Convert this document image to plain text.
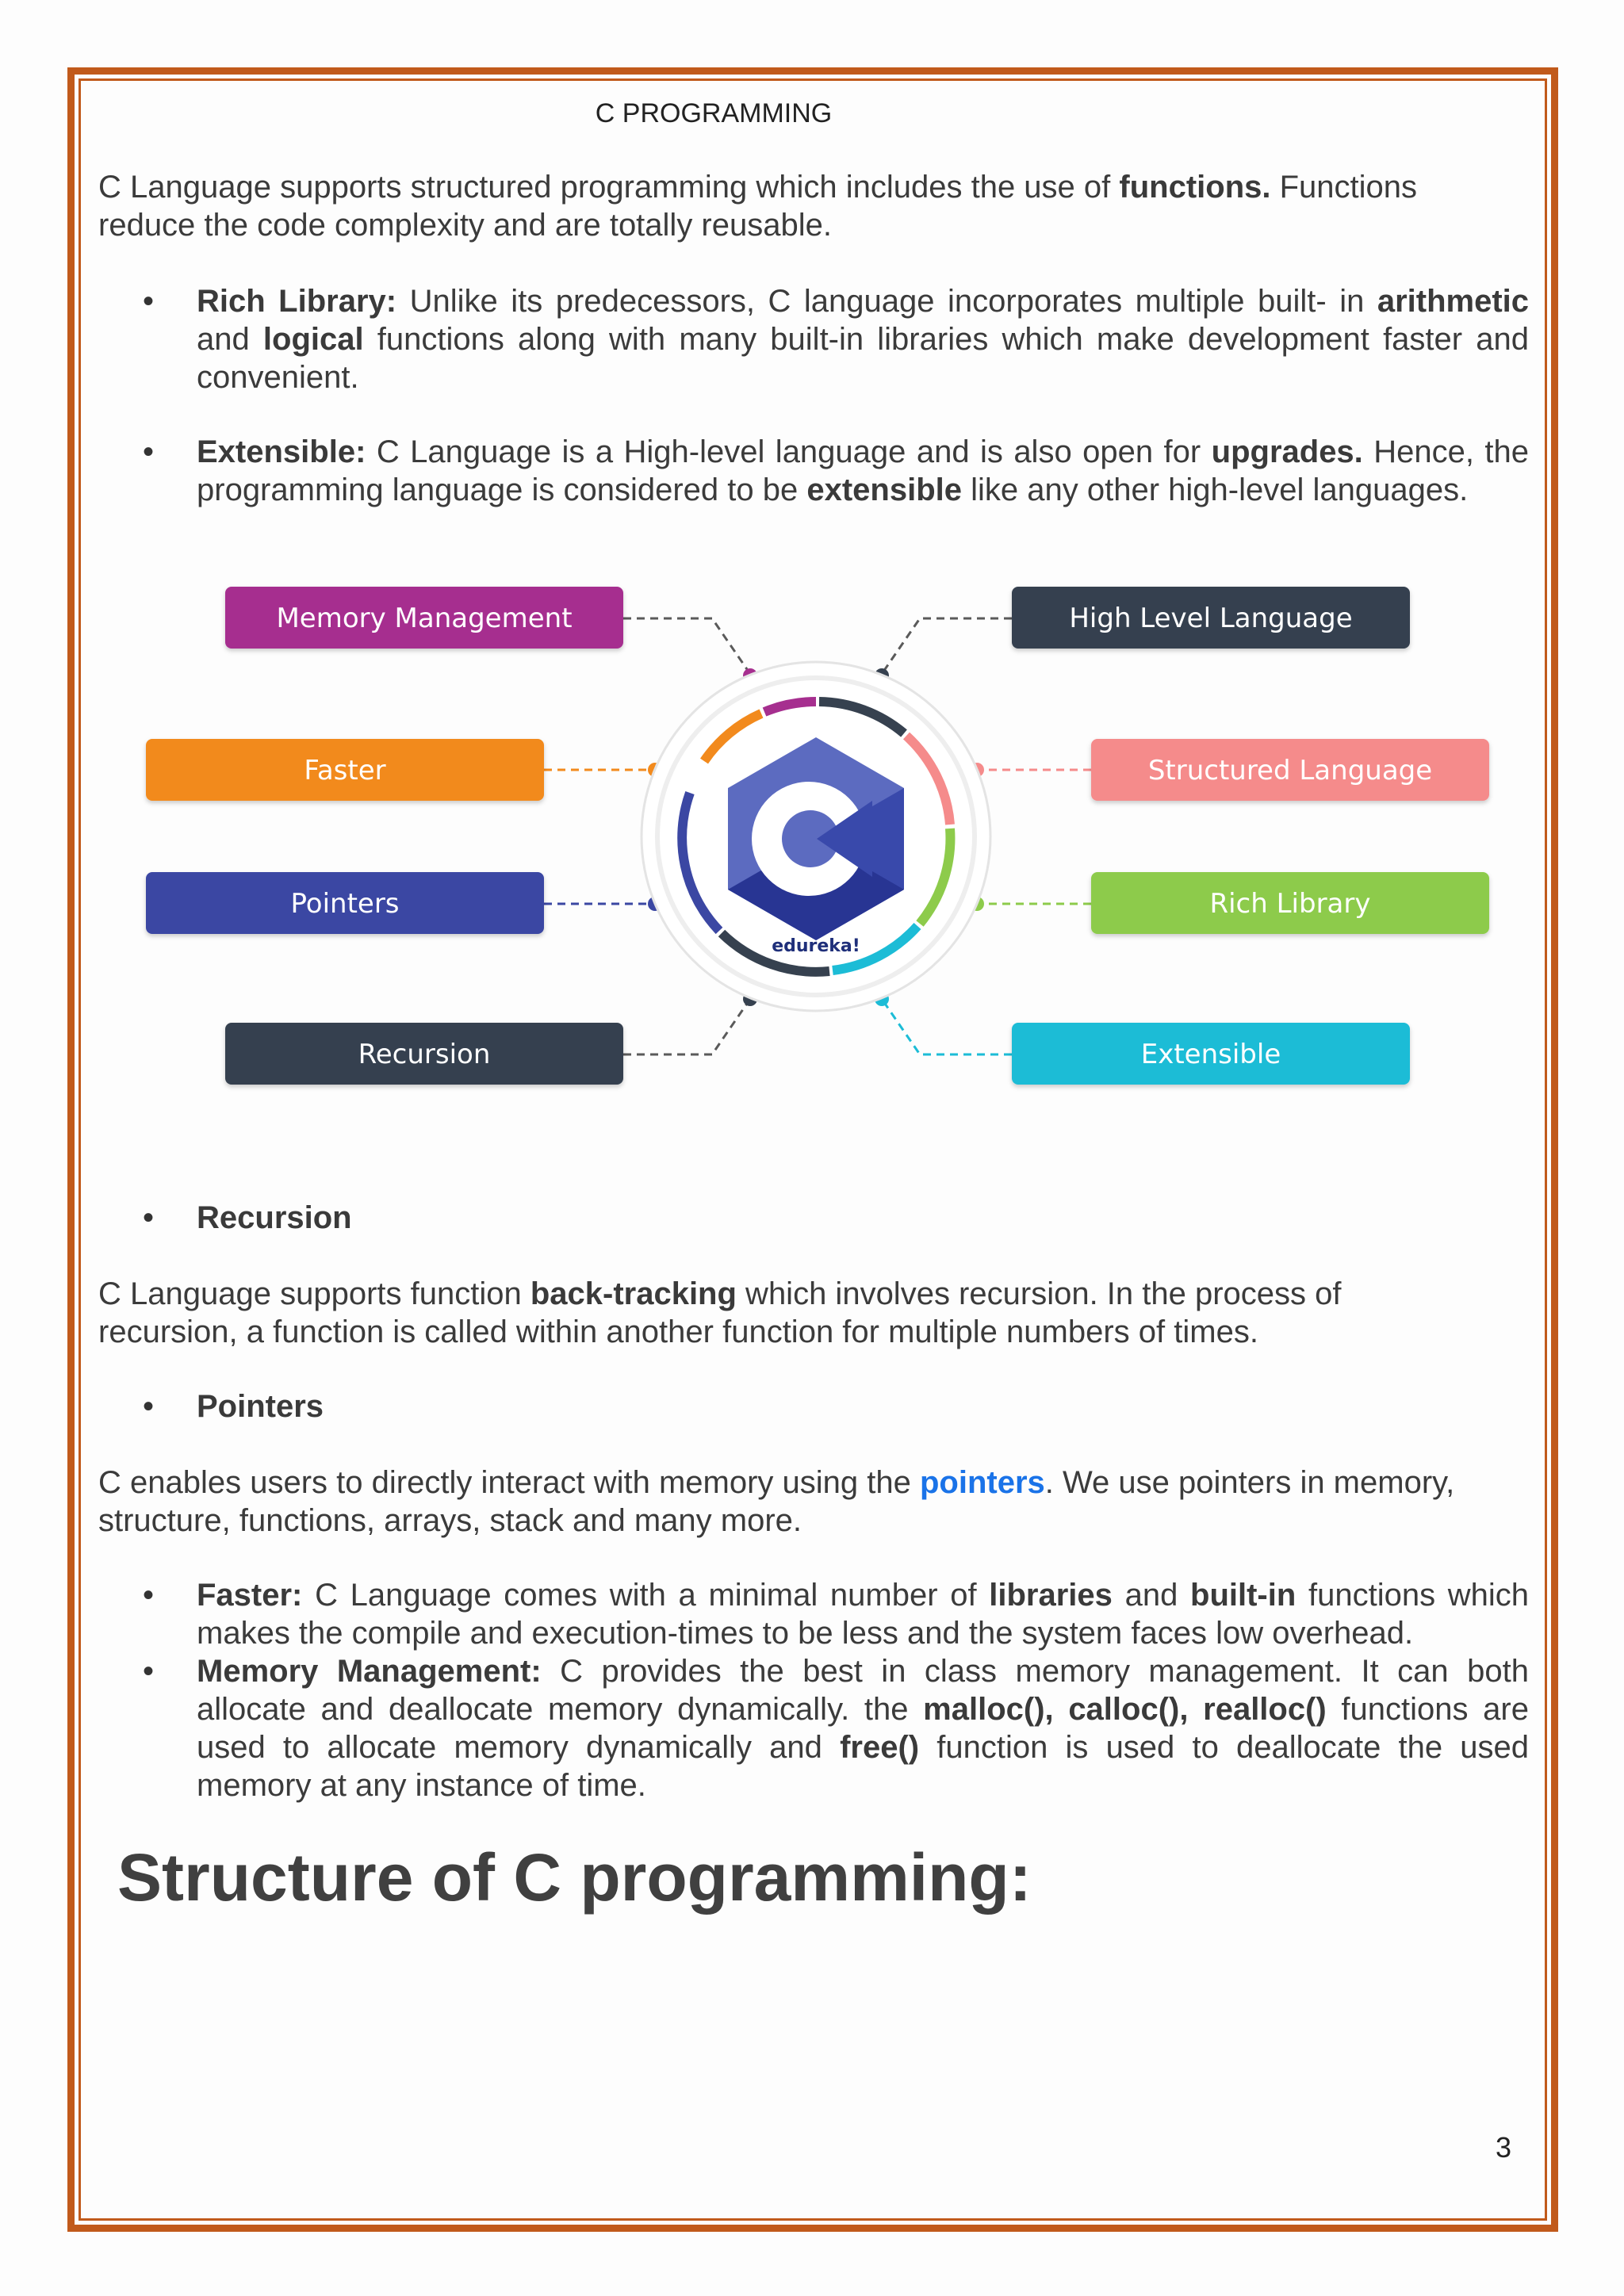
C PROGRAMMING
C Language supports structured programming which includes the use of functions. Functions reduce the code complexity and are totally reusable.
• Rich Library: Unlike its predecessors, C language incorporates multiple built- in arithmetic and logical functions along with many built-in libraries which make development faster and convenient.
• Extensible: C Language is a High-level language and is also open for upgrades. Hence, the programming language is considered to be extensible like any other high-level languages.
edureka!
Memory Management	High Level Language
Faster	Structured Language
Pointers	Rich Library
Recursion	Extensible
• Recursion
C Language supports function back-tracking which involves recursion. In the process of recursion, a function is called within another function for multiple numbers of times.
• Pointers
C enables users to directly interact with memory using the pointers. We use pointers in memory, structure, functions, arrays, stack and many more.
• Faster: C Language comes with a minimal number of libraries and built-in functions which makes the compile and execution-times to be less and the system faces low overhead.
• Memory Management: C provides the best in class memory management. It can both allocate and deallocate memory dynamically. the malloc(), calloc(), realloc() functions are used to allocate memory dynamically and free() function is used to deallocate the used memory at any instance of time.
Structure of C programming:
3
